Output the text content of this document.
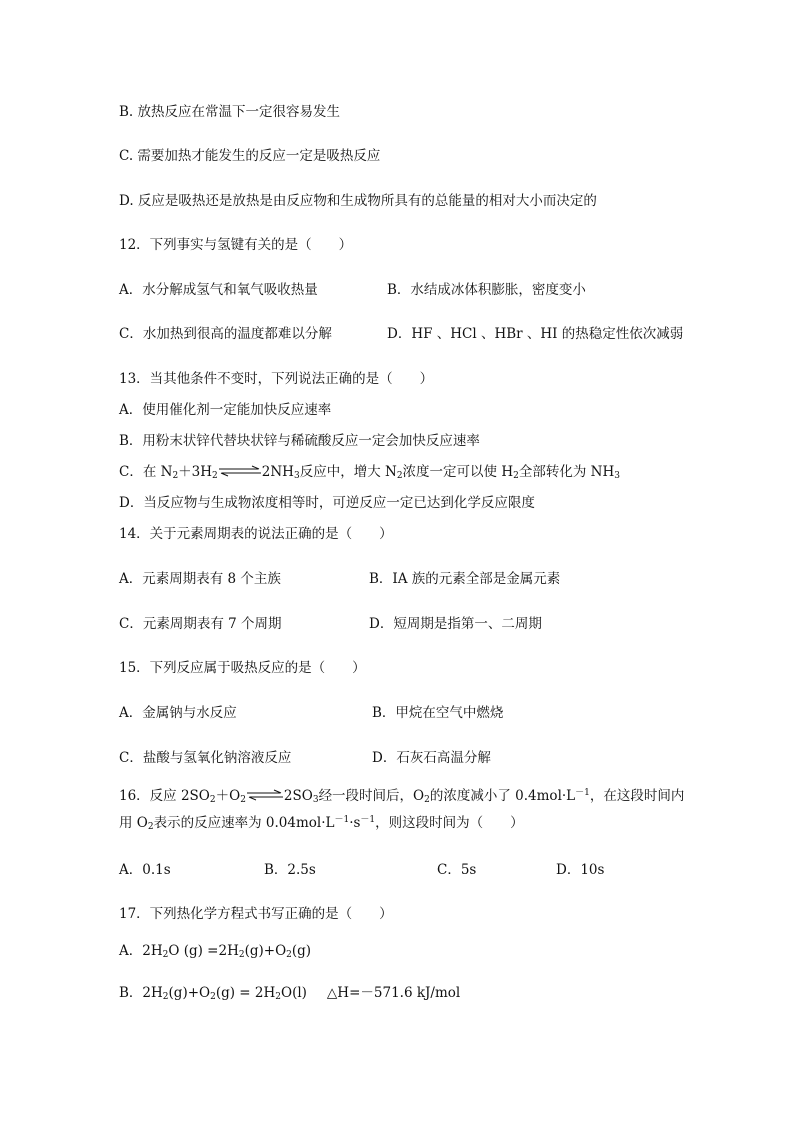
B. 放热反应在常温下一定很容易发生
C. 需要加热才能发生的反应一定是吸热反应
D. 反应是吸热还是放热是由反应物和生成物所具有的总能量的相对大小而决定的
12．下列事实与氢键有关的是（　　）
A．水分解成氢气和氧气吸收热量	B．水结成冰体积膨胀，密度变小
C．水加热到很高的温度都难以分解	D．HF 、HCl 、HBr 、HI 的热稳定性依次减弱
13．当其他条件不变时，下列说法正确的是（　　）
A．使用催化剂一定能加快反应速率
B．用粉末状锌代替块状锌与稀硫酸反应一定会加快反应速率
C．在 $N_2+3H_2\rightleftharpoons 2NH_3$反应中，增大 $N_2$浓度一定可以使 $H_2$全部转化为 $NH_3$
D．当反应物与生成物浓度相等时，可逆反应一定已达到化学反应限度
14．关于元素周期表的说法正确的是（　　）
A．元素周期表有 8 个主族	B．ⅠA 族的元素全部是金属元素
C．元素周期表有 7 个周期	D．短周期是指第一、二周期
15．下列反应属于吸热反应的是（　　）
A．金属钠与水反应	B．甲烷在空气中燃烧
C．盐酸与氢氧化钠溶液反应	D．石灰石高温分解
16．反应 $2SO_2+O_2\rightleftharpoons 2SO_3$经一段时间后，$O_2$的浓度减小了 $0.4mol\cdot L^{-1}$，在这段时间内
用 $O_2$表示的反应速率为 $0.04mol\cdot L^{-1}\cdot s^{-1}$，则这段时间为（　　）
A．0.1s	B．2.5s	C．5s	D．10s
17．下列热化学方程式书写正确的是（　　）
A．$2H_2O$ $(g) =2H_2(g)+O_2(g)$
B．$2H_2(g)+O_2(g) = 2H_2O(l)$ △H=－571.6 kJ/mol
